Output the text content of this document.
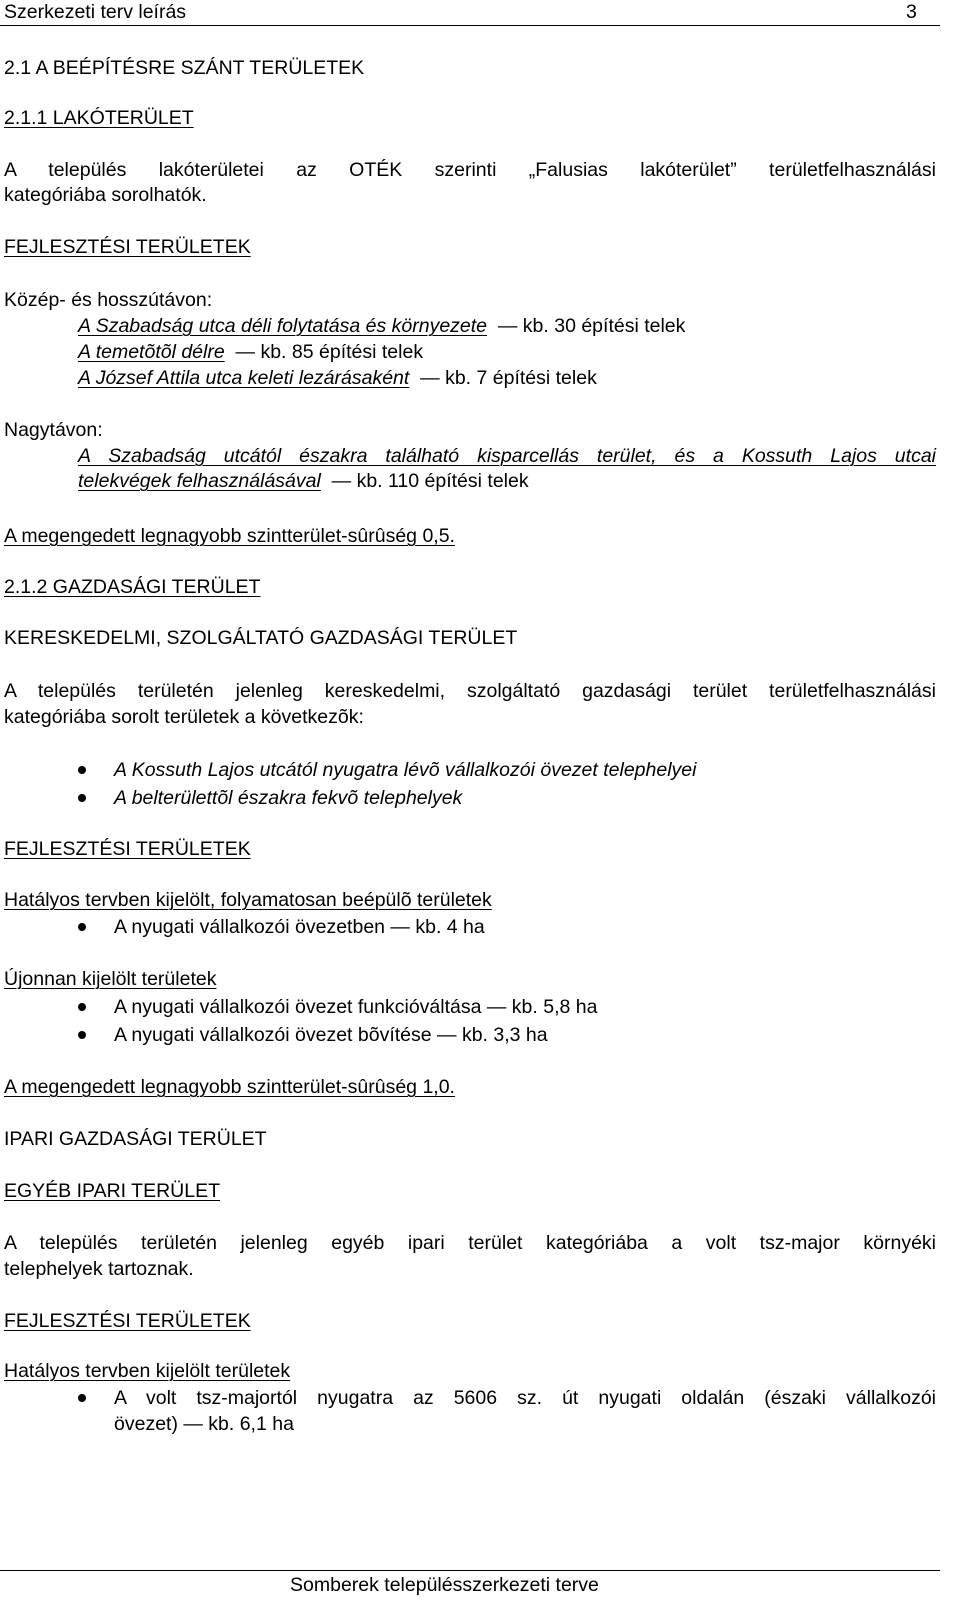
Szerkezeti terv leírás	3
2.1 A BEÉPÍTÉSRE SZÁNT TERÜLETEK
2.1.1 LAKÓTERÜLET
A település lakóterületei az OTÉK szerinti „Falusias lakóterület” területfelhasználási
kategóriába sorolhatók.
FEJLESZTÉSI TERÜLETEK
Közép- és hosszútávon:
A Szabadság utca déli folytatása és környezete — kb. 30 építési telek
A temetõtõl délre — kb. 85 építési telek
A József Attila utca keleti lezárásaként — kb. 7 építési telek
Nagytávon:
A Szabadság utcától északra található kisparcellás terület, és a Kossuth Lajos utcai
telekvégek felhasználásával — kb. 110 építési telek
A megengedett legnagyobb szintterület-sûrûség 0,5.
2.1.2 GAZDASÁGI TERÜLET
KERESKEDELMI, SZOLGÁLTATÓ GAZDASÁGI TERÜLET
A település területén jelenleg kereskedelmi, szolgáltató gazdasági terület területfelhasználási
kategóriába sorolt területek a következõk:
A Kossuth Lajos utcától nyugatra lévõ vállalkozói övezet telephelyei
A belterülettõl északra fekvõ telephelyek
FEJLESZTÉSI TERÜLETEK
Hatályos tervben kijelölt, folyamatosan beépülõ területek
A nyugati vállalkozói övezetben — kb. 4 ha
Újonnan kijelölt területek
A nyugati vállalkozói övezet funkcióváltása — kb. 5,8 ha
A nyugati vállalkozói övezet bõvítése — kb. 3,3 ha
A megengedett legnagyobb szintterület-sûrûség 1,0.
IPARI GAZDASÁGI TERÜLET
EGYÉB IPARI TERÜLET
A település területén jelenleg egyéb ipari terület kategóriába a volt tsz-major környéki
telephelyek tartoznak.
FEJLESZTÉSI TERÜLETEK
Hatályos tervben kijelölt területek
A volt tsz-majortól nyugatra az 5606 sz. út nyugati oldalán (északi vállalkozói
övezet) — kb. 6,1 ha
Somberek településszerkezeti terve
